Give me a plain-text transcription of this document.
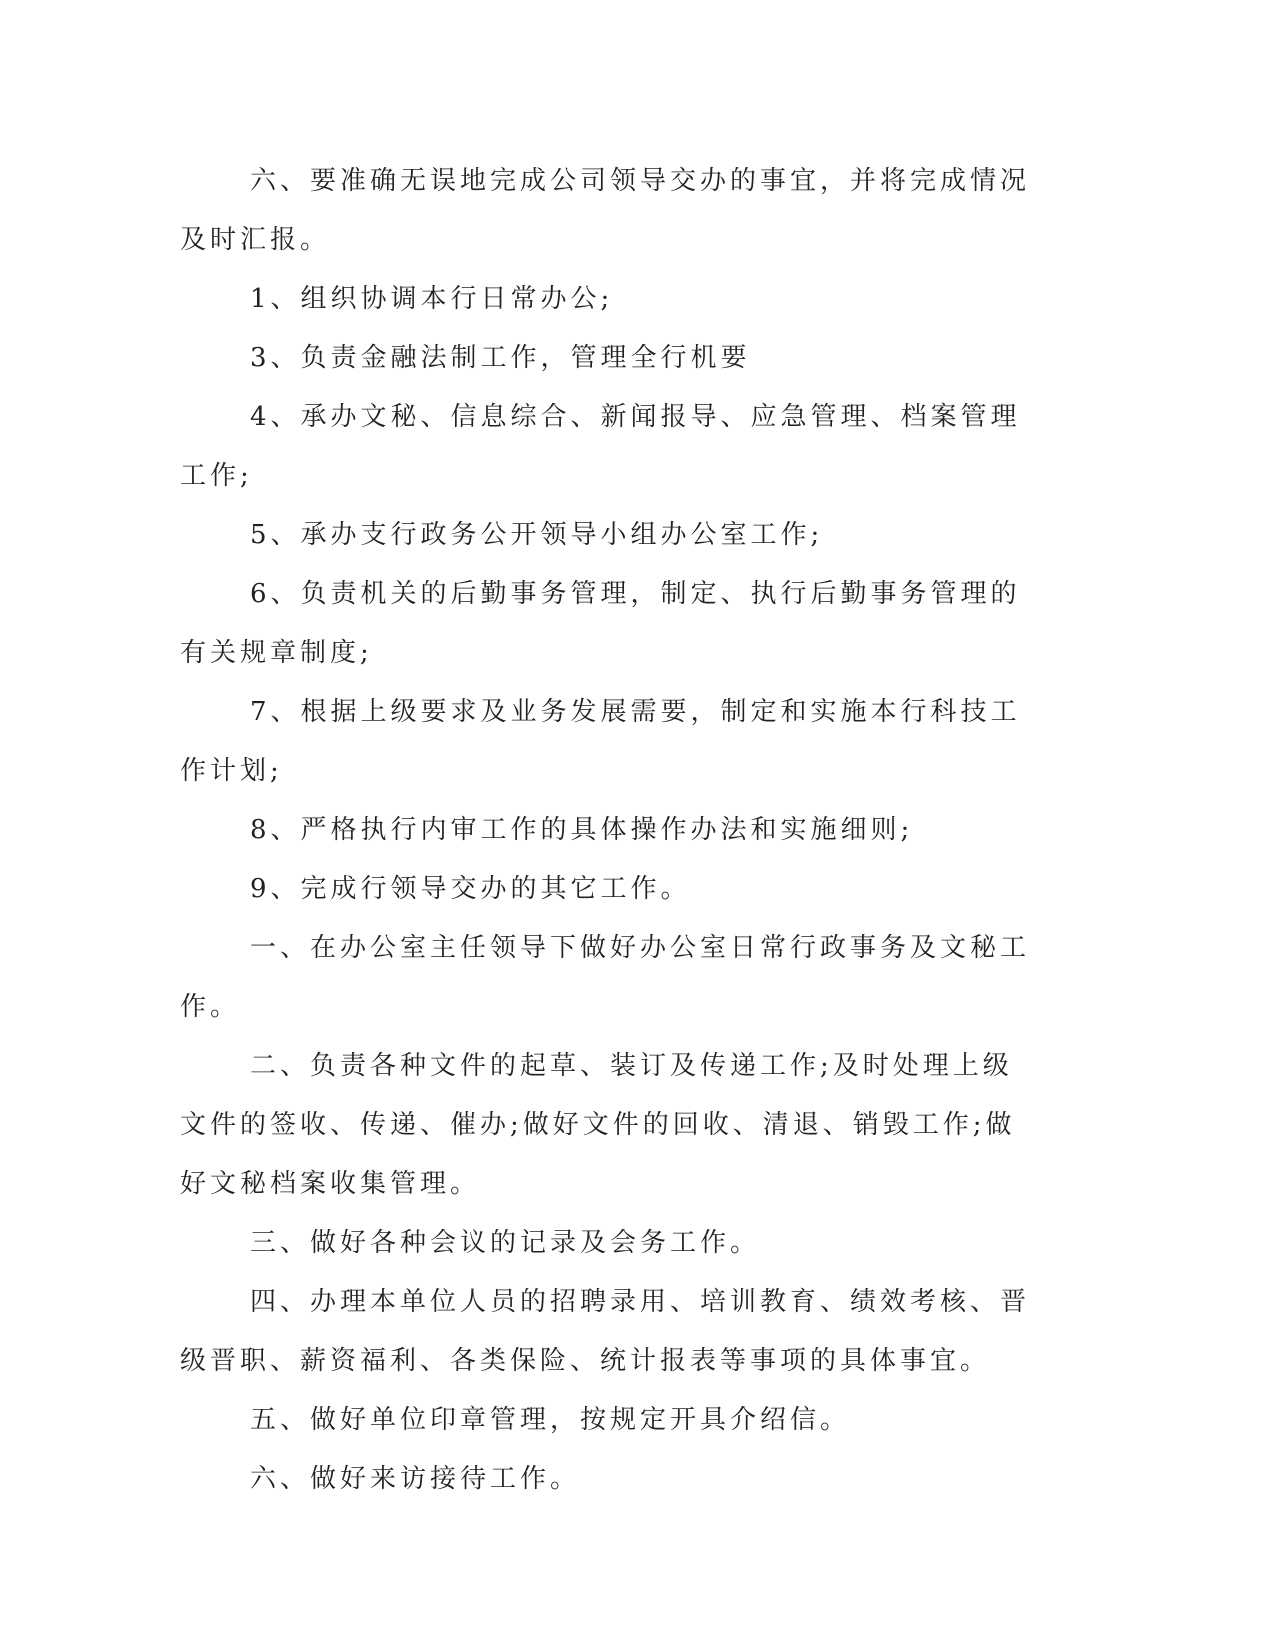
六、要准确无误地完成公司领导交办的事宜，并将完成情况及时汇报。

1、组织协调本行日常办公;

3、负责金融法制工作，管理全行机要

4、承办文秘、信息综合、新闻报导、应急管理、档案管理工作;

5、承办支行政务公开领导小组办公室工作;

6、负责机关的后勤事务管理，制定、执行后勤事务管理的有关规章制度;

7、根据上级要求及业务发展需要，制定和实施本行科技工作计划;

8、严格执行内审工作的具体操作办法和实施细则;

9、完成行领导交办的其它工作。

一、在办公室主任领导下做好办公室日常行政事务及文秘工作。

二、负责各种文件的起草、装订及传递工作;及时处理上级文件的签收、传递、催办;做好文件的回收、清退、销毁工作;做好文秘档案收集管理。

三、做好各种会议的记录及会务工作。

四、办理本单位人员的招聘录用、培训教育、绩效考核、晋级晋职、薪资福利、各类保险、统计报表等事项的具体事宜。

五、做好单位印章管理，按规定开具介绍信。

六、做好来访接待工作。
